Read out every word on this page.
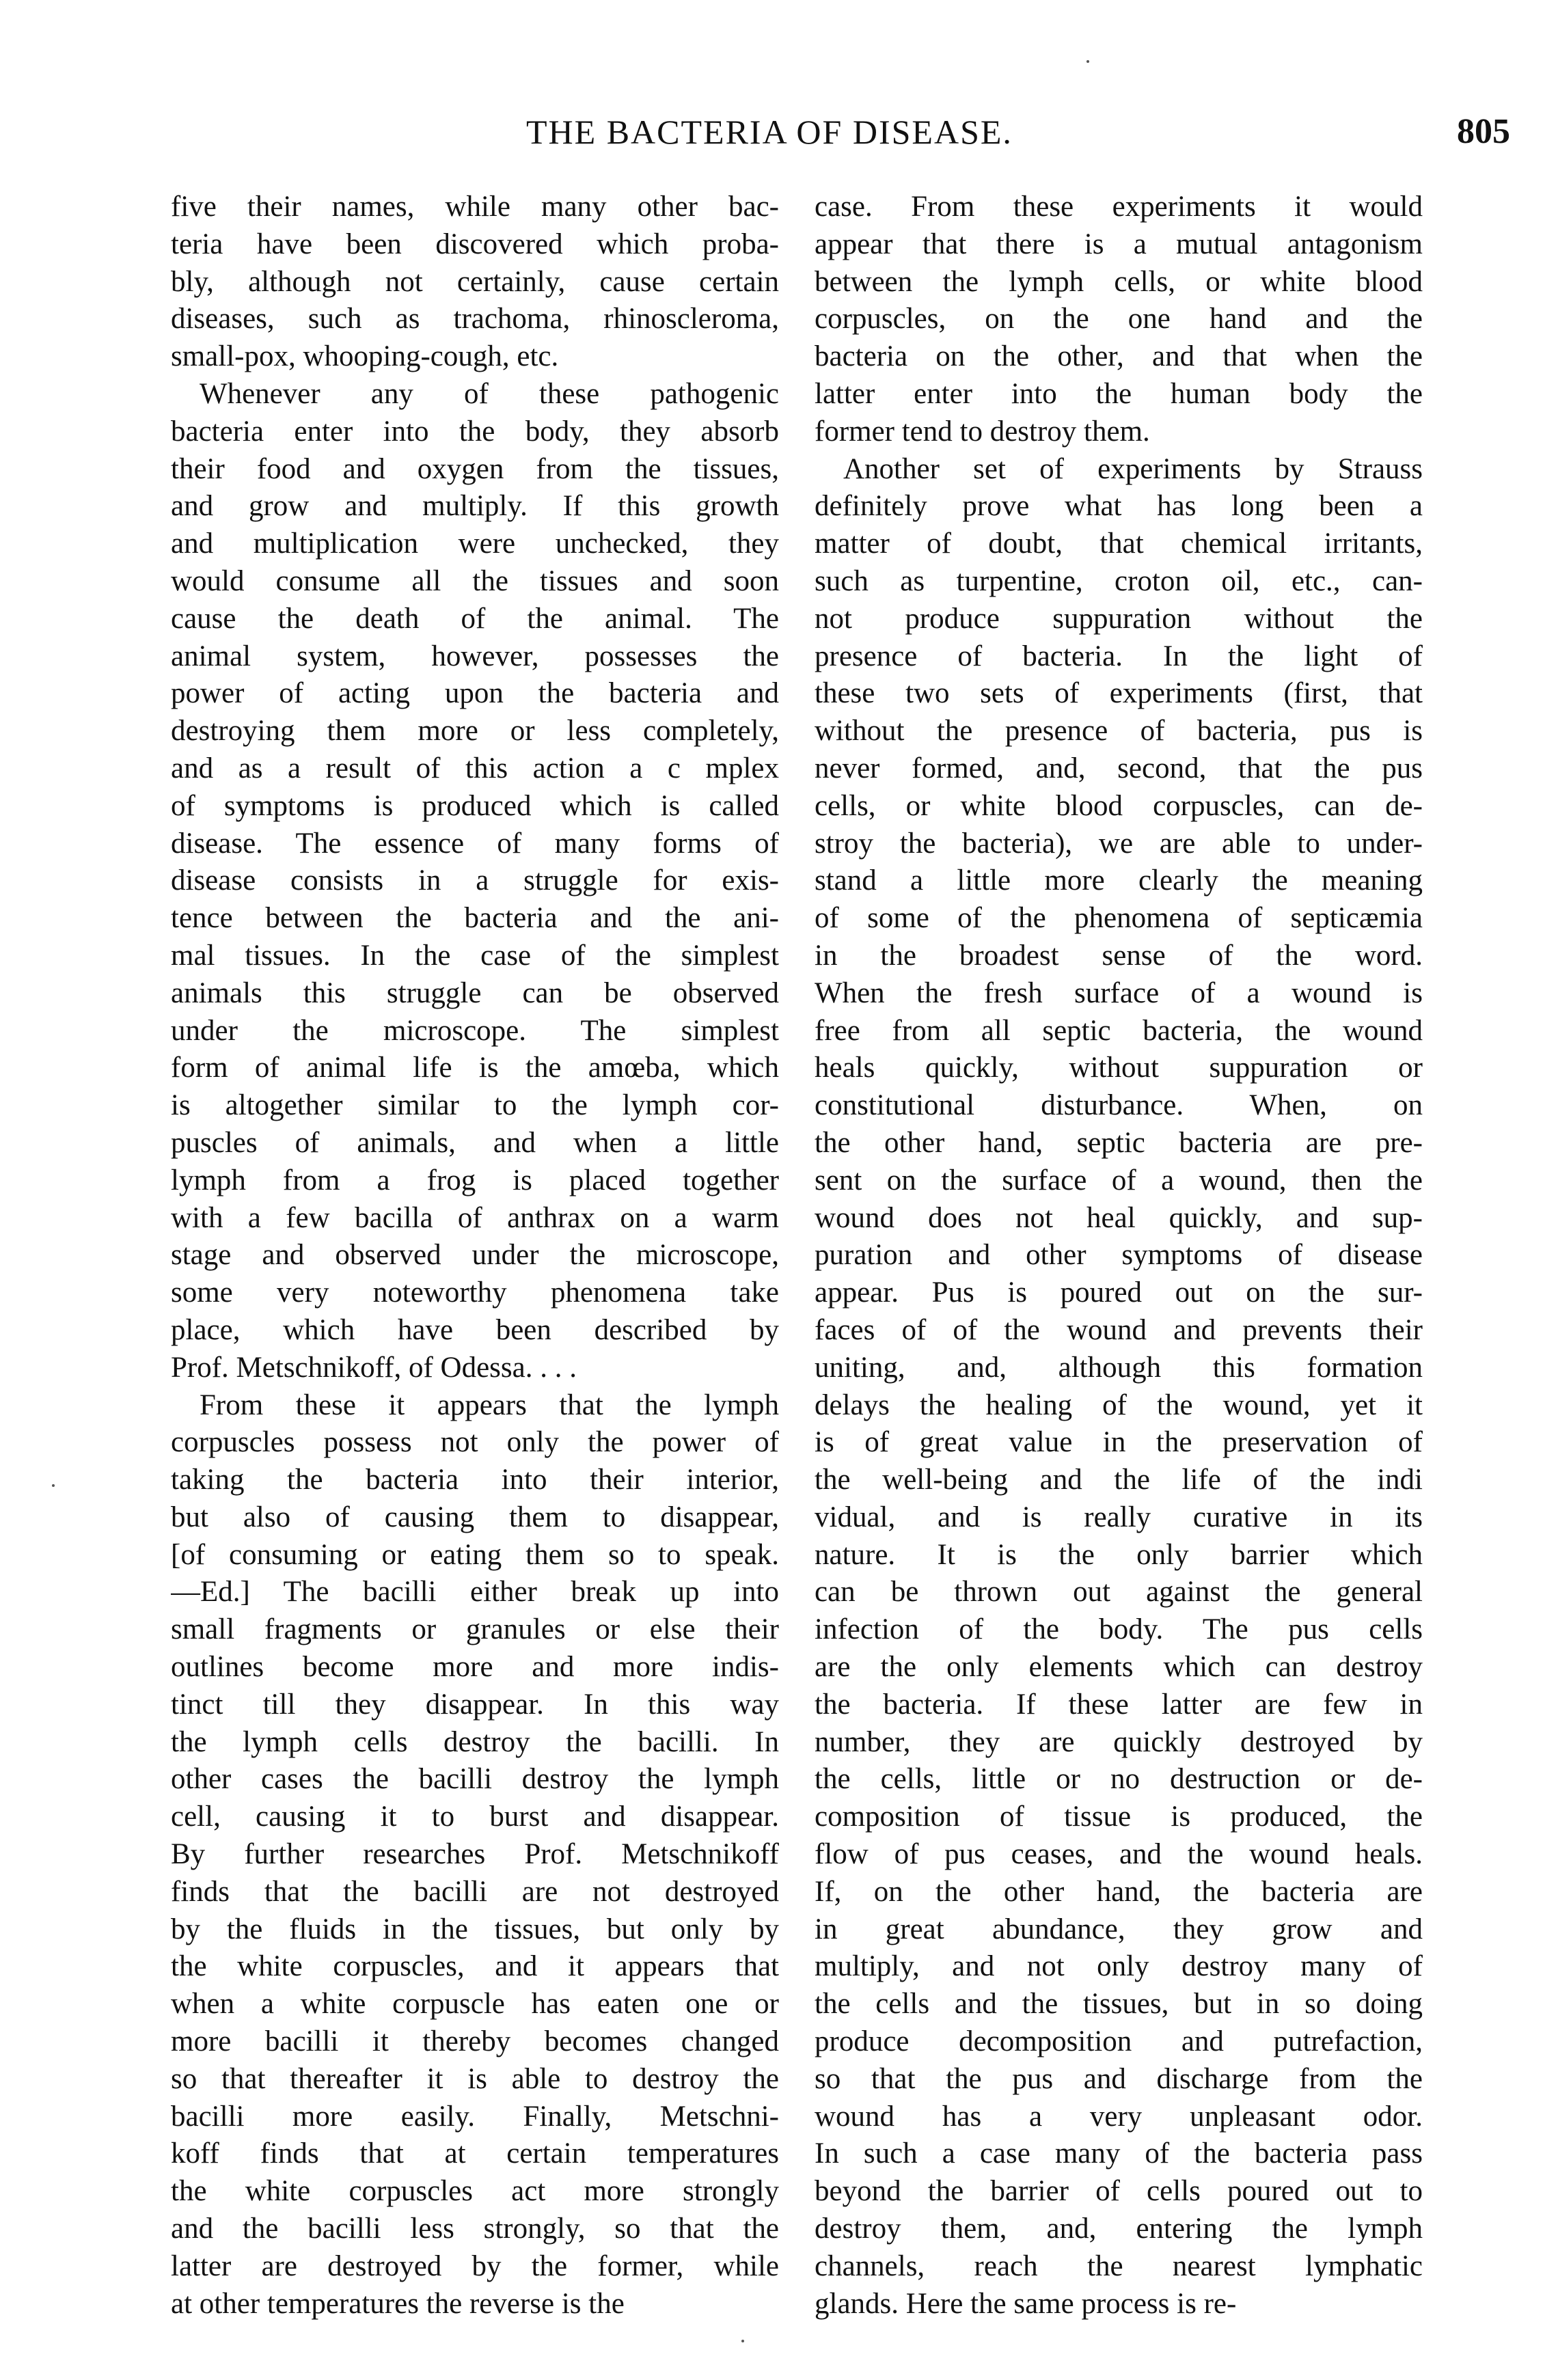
THE BACTERIA OF DISEASE.	805
five their names, while many other bac-
teria have been discovered which proba-
bly, although not certainly, cause certain
diseases, such as trachoma, rhinoscleroma,
small-pox, whooping-cough, etc.
Whenever any of these pathogenic
bacteria enter into the body, they absorb
their food and oxygen from the tissues,
and grow and multiply. If this growth
and multiplication were unchecked, they
would consume all the tissues and soon
cause the death of the animal. The
animal system, however, possesses the
power of acting upon the bacteria and
destroying them more or less completely,
and as a result of this action a c mplex
of symptoms is produced which is called
disease. The essence of many forms of
disease consists in a struggle for exis-
tence between the bacteria and the ani-
mal tissues. In the case of the simplest
animals this struggle can be observed
under the microscope. The simplest
form of animal life is the amœba, which
is altogether similar to the lymph cor-
puscles of animals, and when a little
lymph from a frog is placed together
with a few bacilla of anthrax on a warm
stage and observed under the microscope,
some very noteworthy phenomena take
place, which have been described by
Prof. Metschnikoff, of Odessa. . . .
From these it appears that the lymph
corpuscles possess not only the power of
taking the bacteria into their interior,
but also of causing them to disappear,
[of consuming or eating them so to speak.
—Ed.] The bacilli either break up into
small fragments or granules or else their
outlines become more and more indis-
tinct till they disappear. In this way
the lymph cells destroy the bacilli. In
other cases the bacilli destroy the lymph
cell, causing it to burst and disappear.
By further researches Prof. Metschnikoff
finds that the bacilli are not destroyed
by the fluids in the tissues, but only by
the white corpuscles, and it appears that
when a white corpuscle has eaten one or
more bacilli it thereby becomes changed
so that thereafter it is able to destroy the
bacilli more easily. Finally, Metschni-
koff finds that at certain temperatures
the white corpuscles act more strongly
and the bacilli less strongly, so that the
latter are destroyed by the former, while
at other temperatures the reverse is the
case. From these experiments it would
appear that there is a mutual antagonism
between the lymph cells, or white blood
corpuscles, on the one hand and the
bacteria on the other, and that when the
latter enter into the human body the
former tend to destroy them.
Another set of experiments by Strauss
definitely prove what has long been a
matter of doubt, that chemical irritants,
such as turpentine, croton oil, etc., can-
not produce suppuration without the
presence of bacteria. In the light of
these two sets of experiments (first, that
without the presence of bacteria, pus is
never formed, and, second, that the pus
cells, or white blood corpuscles, can de-
stroy the bacteria), we are able to under-
stand a little more clearly the meaning
of some of the phenomena of septicæmia
in the broadest sense of the word.
When the fresh surface of a wound is
free from all septic bacteria, the wound
heals quickly, without suppuration or
constitutional disturbance. When, on
the other hand, septic bacteria are pre-
sent on the surface of a wound, then the
wound does not heal quickly, and sup-
puration and other symptoms of disease
appear. Pus is poured out on the sur-
faces of of the wound and prevents their
uniting, and, although this formation
delays the healing of the wound, yet it
is of great value in the preservation of
the well-being and the life of the indi
vidual, and is really curative in its
nature. It is the only barrier which
can be thrown out against the general
infection of the body. The pus cells
are the only elements which can destroy
the bacteria. If these latter are few in
number, they are quickly destroyed by
the cells, little or no destruction or de-
composition of tissue is produced, the
flow of pus ceases, and the wound heals.
If, on the other hand, the bacteria are
in great abundance, they grow and
multiply, and not only destroy many of
the cells and the tissues, but in so doing
produce decomposition and putrefaction,
so that the pus and discharge from the
wound has a very unpleasant odor.
In such a case many of the bacteria pass
beyond the barrier of cells poured out to
destroy them, and, entering the lymph
channels, reach the nearest lymphatic
glands. Here the same process is re-
